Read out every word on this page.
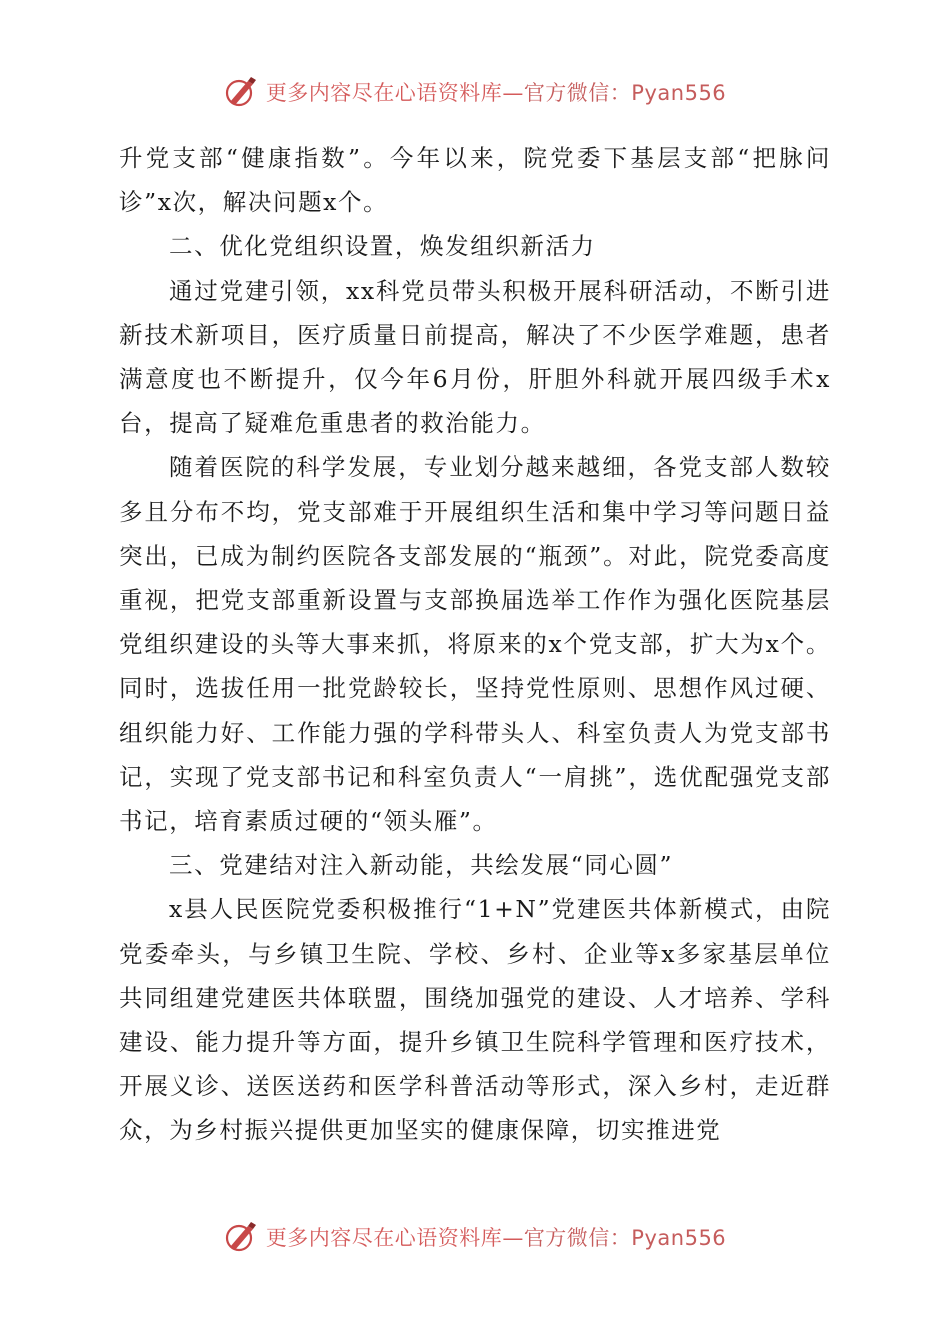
更多内容尽在心语资料库—官方微信：Pyan556

升党支部“健康指数”。今年以来，院党委下基层支部“把脉问诊”x次，解决问题x个。

二、优化党组织设置，焕发组织新活力

通过党建引领，xx科党员带头积极开展科研活动，不断引进新技术新项目，医疗质量日前提高，解决了不少医学难题，患者满意度也不断提升，仅今年6月份，肝胆外科就开展四级手术x台，提高了疑难危重患者的救治能力。

随着医院的科学发展，专业划分越来越细，各党支部人数较多且分布不均，党支部难于开展组织生活和集中学习等问题日益突出，已成为制约医院各支部发展的“瓶颈”。对此，院党委高度重视，把党支部重新设置与支部换届选举工作作为强化医院基层党组织建设的头等大事来抓，将原来的x个党支部，扩大为x个。同时，选拔任用一批党龄较长，坚持党性原则、思想作风过硬、组织能力好、工作能力强的学科带头人、科室负责人为党支部书记，实现了党支部书记和科室负责人“一肩挑”，选优配强党支部书记，培育素质过硬的“领头雁”。

三、党建结对注入新动能，共绘发展“同心圆”

x县人民医院党委积极推行“1+N”党建医共体新模式，由院党委牵头，与乡镇卫生院、学校、乡村、企业等x多家基层单位共同组建党建医共体联盟，围绕加强党的建设、人才培养、学科建设、能力提升等方面，提升乡镇卫生院科学管理和医疗技术，开展义诊、送医送药和医学科普活动等形式，深入乡村，走近群众，为乡村振兴提供更加坚实的健康保障，切实推进党

更多内容尽在心语资料库—官方微信：Pyan556
